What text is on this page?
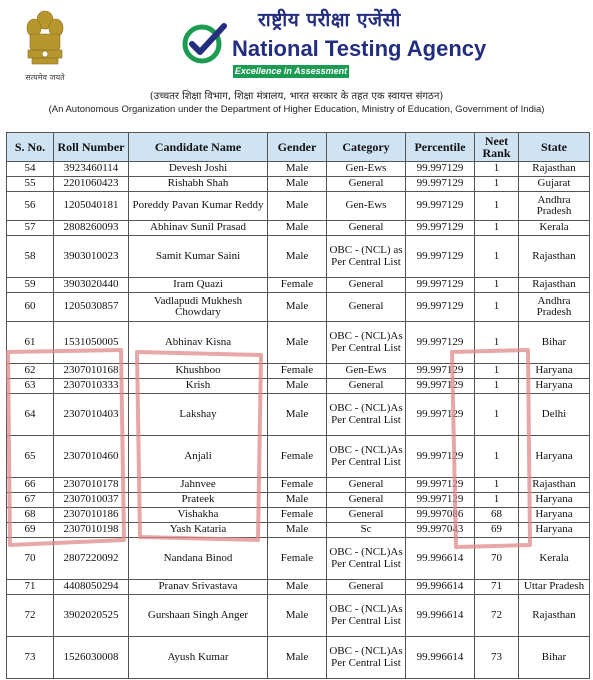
सत्यमेव जयते
राष्ट्रीय परीक्षा एजेंसी
National Testing Agency
Excellence in Assessment
(उच्चतर शिक्षा विभाग, शिक्षा मंत्रालय, भारत सरकार के तहत एक स्वायत्त संगठन)
(An Autonomous Organization under the Department of Higher Education, Ministry of Education, Government of India)
S. No.	Roll Number	Candidate Name	Gender	Category	Percentile	Neet Rank	State
54	3923460114	Devesh Joshi	Male	Gen-Ews	99.997129	1	Rajasthan
55	2201060423	Rishabh Shah	Male	General	99.997129	1	Gujarat
56	1205040181	Poreddy Pavan Kumar Reddy	Male	Gen-Ews	99.997129	1	Andhra Pradesh
57	2808260093	Abhinav Sunil Prasad	Male	General	99.997129	1	Kerala
58	3903010023	Samit Kumar Saini	Male	OBC - (NCL) as Per Central List	99.997129	1	Rajasthan
59	3903020440	Iram Quazi	Female	General	99.997129	1	Rajasthan
60	1205030857	Vadlapudi Mukhesh Chowdary	Male	General	99.997129	1	Andhra Pradesh
61	1531050005	Abhinav Kisna	Male	OBC - (NCL)As Per Central List	99.997129	1	Bihar
62	2307010168	Khushboo	Female	Gen-Ews	99.997129	1	Haryana
63	2307010333	Krish	Male	General	99.997129	1	Haryana
64	2307010403	Lakshay	Male	OBC - (NCL)As Per Central List	99.997129	1	Delhi
65	2307010460	Anjali	Female	OBC - (NCL)As Per Central List	99.997129	1	Haryana
66	2307010178	Jahnvee	Female	General	99.997129	1	Rajasthan
67	2307010037	Prateek	Male	General	99.997129	1	Haryana
68	2307010186	Vishakha	Female	General	99.997086	68	Haryana
69	2307010198	Yash Kataria	Male	Sc	99.997043	69	Haryana
70	2807220092	Nandana Binod	Female	OBC - (NCL)As Per Central List	99.996614	70	Kerala
71	4408050294	Pranav Srivastava	Male	General	99.996614	71	Uttar Pradesh
72	3902020525	Gurshaan Singh Anger	Male	OBC - (NCL)As Per Central List	99.996614	72	Rajasthan
73	1526030008	Ayush Kumar	Male	OBC - (NCL)As Per Central List	99.996614	73	Bihar
